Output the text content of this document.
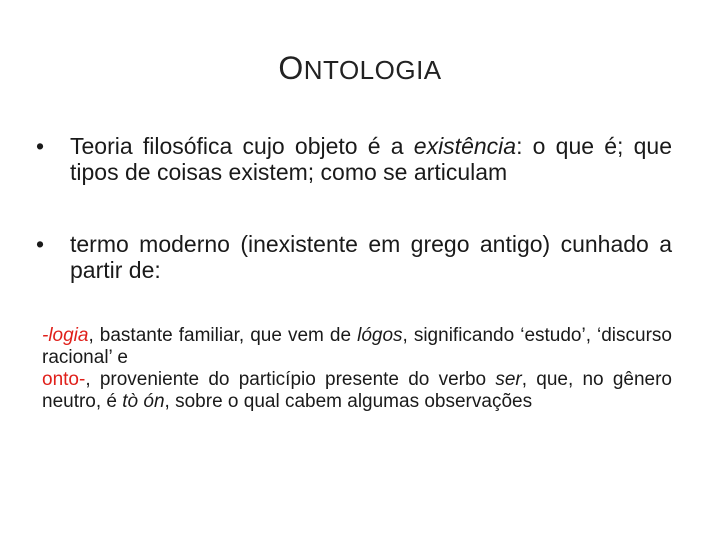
ONTOLOGIA
•	Teoria filosófica cujo objeto é a existência: o que é; que tipos de coisas existem; como se articulam
•	termo moderno (inexistente em grego antigo) cunhado a partir de:
-logia, bastante familiar, que vem de lógos, significando ‘estudo’, ‘discurso racional’ e
onto-, proveniente do particípio presente do verbo ser, que, no gênero neutro, é tò ón, sobre o qual cabem algumas observações
